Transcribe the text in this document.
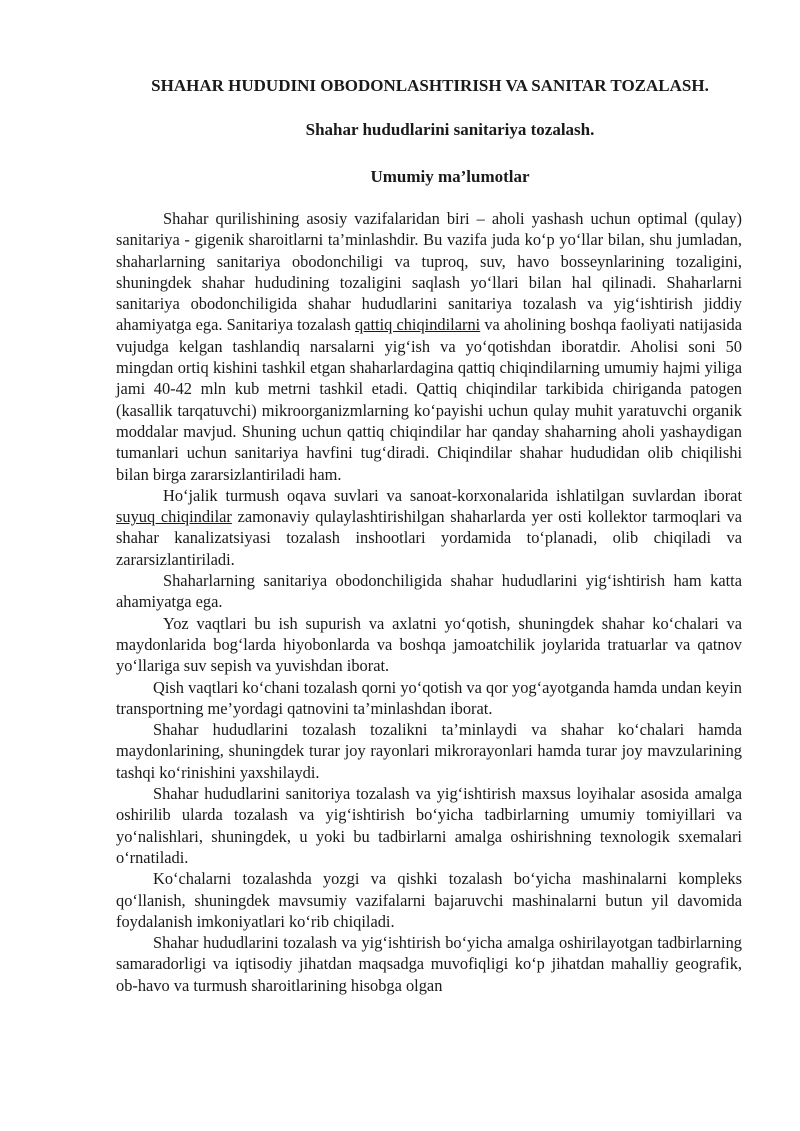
SHAHAR HUDUDINI OBODONLASHTIRISH VA SANITAR TOZALASH.
Shahar hududlarini sanitariya tozalash.
Umumiy ma’lumotlar

Shahar qurilishining asosiy vazifalaridan biri – aholi yashash uchun optimal (qulay) sanitariya - gigenik sharoitlarni ta’minlashdir. Bu vazifa juda ko‘p yo‘llar bilan, shu jumladan, shaharlarning sanitariya obodonchiligi va tuproq, suv, havo bosseynlarining tozaligini, shuningdek shahar hududining tozaligini saqlash yo‘llari bilan hal qilinadi. Shaharlarni sanitariya obodonchiligida shahar hududlarini sanitariya tozalash va yig‘ishtirish jiddiy ahamiyatga ega. Sanitariya tozalash qattiq chiqindilarni va aholining boshqa faoliyati natijasida vujudga kelgan tashlandiq narsalarni yig‘ish va yo‘qotishdan iboratdir. Aholisi soni 50 mingdan ortiq kishini tashkil etgan shaharlardagina qattiq chiqindilarning umumiy hajmi yiliga jami 40-42 mln kub metrni tashkil etadi. Qattiq chiqindilar tarkibida chiriganda patogen (kasallik tarqatuvchi) mikroorganizmlarning ko‘payishi uchun qulay muhit yaratuvchi organik moddalar mavjud. Shuning uchun qattiq chiqindilar har qanday shaharning aholi yashaydigan tumanlari uchun sanitariya havfini tug‘diradi. Chiqindilar shahar hududidan olib chiqilishi bilan birga zararsizlantiriladi ham.

Ho‘jalik turmush oqava suvlari va sanoat-korxonalarida ishlatilgan suvlardan iborat suyuq chiqindilar zamonaviy qulaylashtirishilgan shaharlarda yer osti kollektor tarmoqlari va shahar kanalizatsiyasi tozalash inshootlari yordamida to‘planadi, olib chiqiladi va zararsizlantiriladi.

Shaharlarning sanitariya obodonchiligida shahar hududlarini yig‘ishtirish ham katta ahamiyatga ega.

Yoz vaqtlari bu ish supurish va axlatni yo‘qotish, shuningdek shahar ko‘chalari va maydonlarida bog‘larda hiyobonlarda va boshqa jamoatchilik joylarida tratuarlar va qatnov yo‘llariga suv sepish va yuvishdan iborat.

Qish vaqtlari ko‘chani tozalash qorni yo‘qotish va qor yog‘ayotganda hamda undan keyin transportning me’yordagi qatnovini ta’minlashdan iborat.

Shahar hududlarini tozalash tozalikni ta’minlaydi va shahar ko‘chalari hamda maydonlarining, shuningdek turar joy rayonlari mikrorayonlari hamda turar joy mavzularining tashqi ko‘rinishini yaxshilaydi.

Shahar hududlarini sanitoriya tozalash va yig‘ishtirish maxsus loyihalar asosida amalga oshirilib ularda tozalash va yig‘ishtirish bo‘yicha tadbirlarning umumiy tomiyillari va yo‘nalishlari, shuningdek, u yoki bu tadbirlarni amalga oshirishning texnologik sxemalari o‘rnatiladi.

Ko‘chalarni tozalashda yozgi va qishki tozalash bo‘yicha mashinalarni kompleks qo‘llanish, shuningdek mavsumiy vazifalarni bajaruvchi mashinalarni butun yil davomida foydalanish imkoniyatlari ko‘rib chiqiladi.

Shahar hududlarini tozalash va yig‘ishtirish bo‘yicha amalga oshirilayotgan tadbirlarning samaradorligi va iqtisodiy jihatdan maqsadga muvofiqligi ko‘p jihatdan mahalliy geografik, ob-havo va turmush sharoitlarining hisobga olgan
